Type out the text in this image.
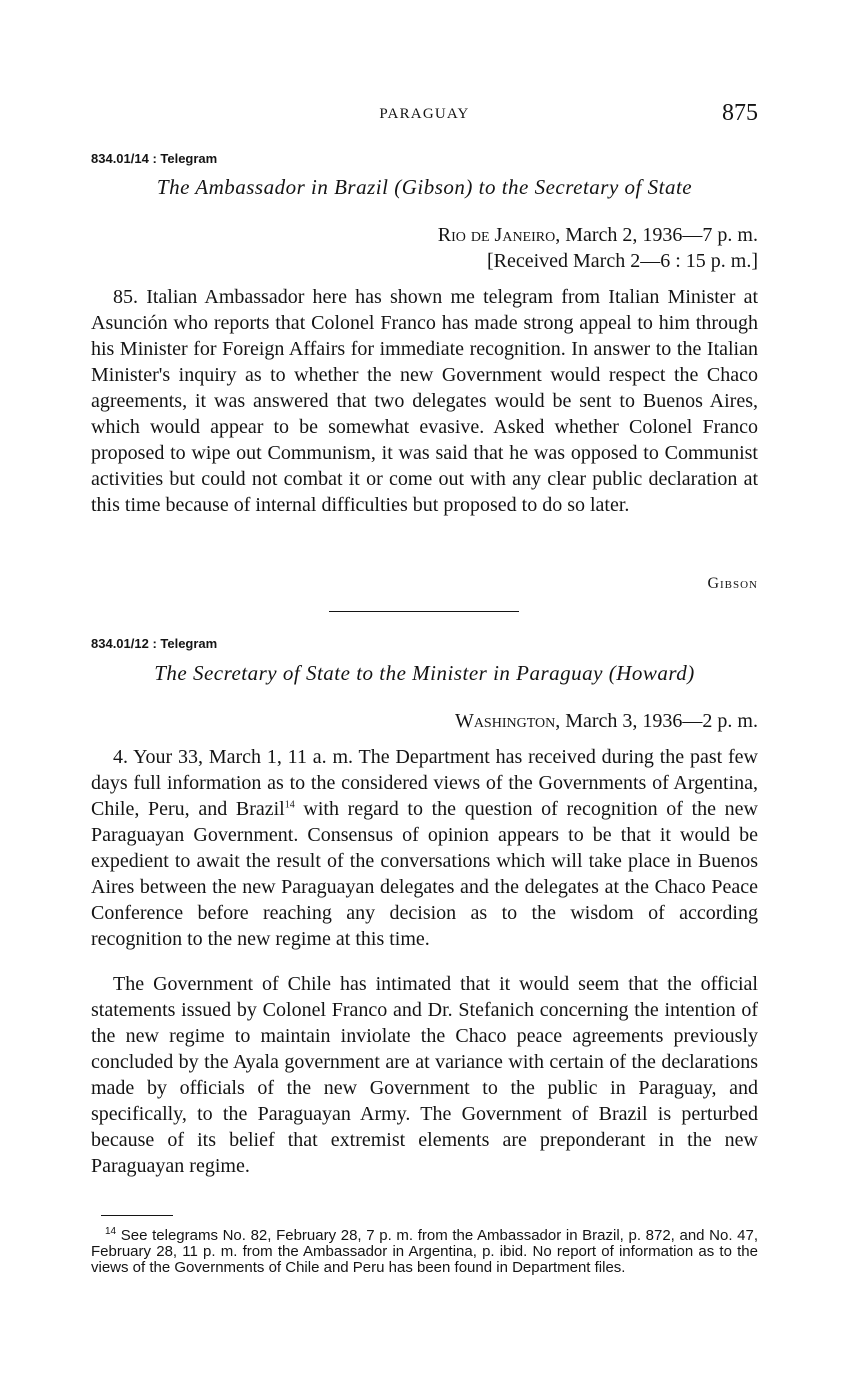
PARAGUAY	875
834.01/14 : Telegram
The Ambassador in Brazil (Gibson) to the Secretary of State
Rio de Janeiro, March 2, 1936—7 p. m.
[Received March 2—6 : 15 p. m.]

85. Italian Ambassador here has shown me telegram from Italian Minister at Asunción who reports that Colonel Franco has made strong appeal to him through his Minister for Foreign Affairs for immediate recognition. In answer to the Italian Minister's inquiry as to whether the new Government would respect the Chaco agreements, it was answered that two delegates would be sent to Buenos Aires, which would appear to be somewhat evasive. Asked whether Colonel Franco proposed to wipe out Communism, it was said that he was opposed to Communist activities but could not combat it or come out with any clear public declaration at this time because of internal difficulties but proposed to do so later.

Gibson
834.01/12 : Telegram
The Secretary of State to the Minister in Paraguay (Howard)
Washington, March 3, 1936—2 p. m.

4. Your 33, March 1, 11 a. m. The Department has received during the past few days full information as to the considered views of the Governments of Argentina, Chile, Peru, and Brazil$^{14}$ with regard to the question of recognition of the new Paraguayan Government. Consensus of opinion appears to be that it would be expedient to await the result of the conversations which will take place in Buenos Aires between the new Paraguayan delegates and the delegates at the Chaco Peace Conference before reaching any decision as to the wisdom of according recognition to the new regime at this time.

The Government of Chile has intimated that it would seem that the official statements issued by Colonel Franco and Dr. Stefanich concerning the intention of the new regime to maintain inviolate the Chaco peace agreements previously concluded by the Ayala government are at variance with certain of the declarations made by officials of the new Government to the public in Paraguay, and specifically, to the Paraguayan Army. The Government of Brazil is perturbed because of its belief that extremist elements are preponderant in the new Paraguayan regime.

$^{14}$ See telegrams No. 82, February 28, 7 p. m. from the Ambassador in Brazil, p. 872, and No. 47, February 28, 11 p. m. from the Ambassador in Argentina, p. ibid. No report of information as to the views of the Governments of Chile and Peru has been found in Department files.
